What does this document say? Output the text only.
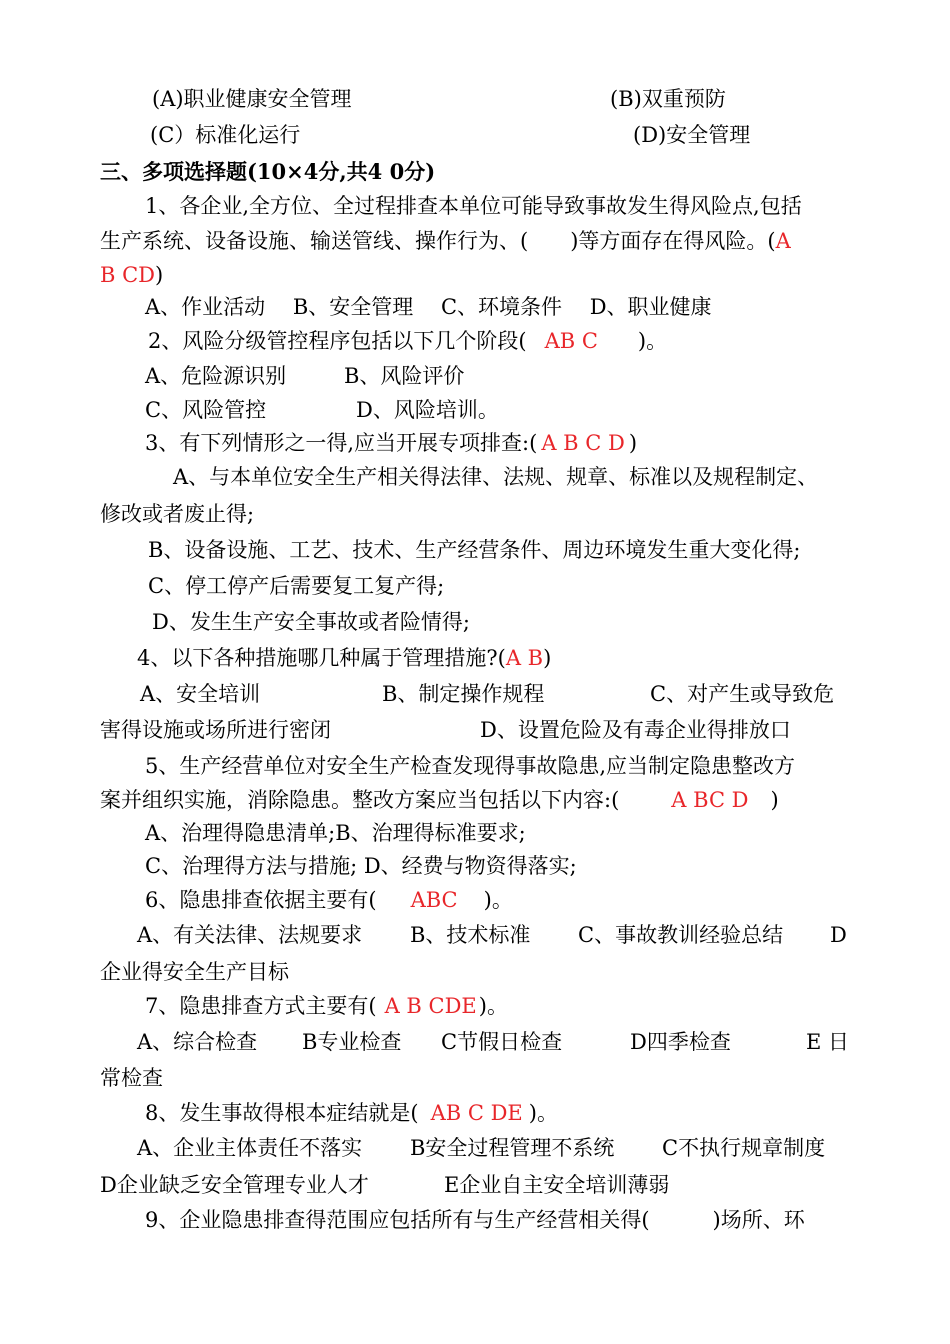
(A)职业健康安全管理	(B)双重预防
(C）标准化运行	(D)安全管理
三、多项选择题(10×4分,共4 0分)
1、各企业,全方位、全过程排查本单位可能导致事故发生得风险点,包括
生产系统、设备设施、输送管线、操作行为、(　　)等方面存在得风险。(A
B CD)
A、作业活动　 B、安全管理　 C、环境条件　 D、职业健康
2、风险分级管控程序包括以下几个阶段( AB C )。
A、危险源识别	B、风险评价
C、风险管控	D、风险培训。
3、有下列情形之一得,应当开展专项排查:( A B C D )
A、与本单位安全生产相关得法律、法规、规章、标准以及规程制定、
修改或者废止得;
B、设备设施、工艺、技术、生产经营条件、周边环境发生重大变化得;
C、停工停产后需要复工复产得;
D、发生生产安全事故或者险情得;
4、以下各种措施哪几种属于管理措施?(A B)
A、安全培训	B、制定操作规程	C、对产生或导致危
害得设施或场所进行密闭	D、设置危险及有毒企业得排放口
5、生产经营单位对安全生产检查发现得事故隐患,应当制定隐患整改方
案并组织实施，消除隐患。整改方案应当包括以下内容:( A BC D )
A、治理得隐患清单;B、治理得标准要求;
C、治理得方法与措施; D、经费与物资得落实;
6、隐患排查依据主要有( ABC )。
A、有关法律、法规要求 B、技术标准 C、事故教训经验总结 D
企业得安全生产目标
7、隐患排查方式主要有( A B CDE)。
A、综合检查 B专业检查 C节假日检查	D四季检查	E 日
常检查
8、发生事故得根本症结就是( AB C DE )。
A、企业主体责任不落实 B安全过程管理不系统 C不执行规章制度
D企业缺乏安全管理专业人才	E企业自主安全培训薄弱
9、企业隐患排查得范围应包括所有与生产经营相关得(　　　)场所、环
